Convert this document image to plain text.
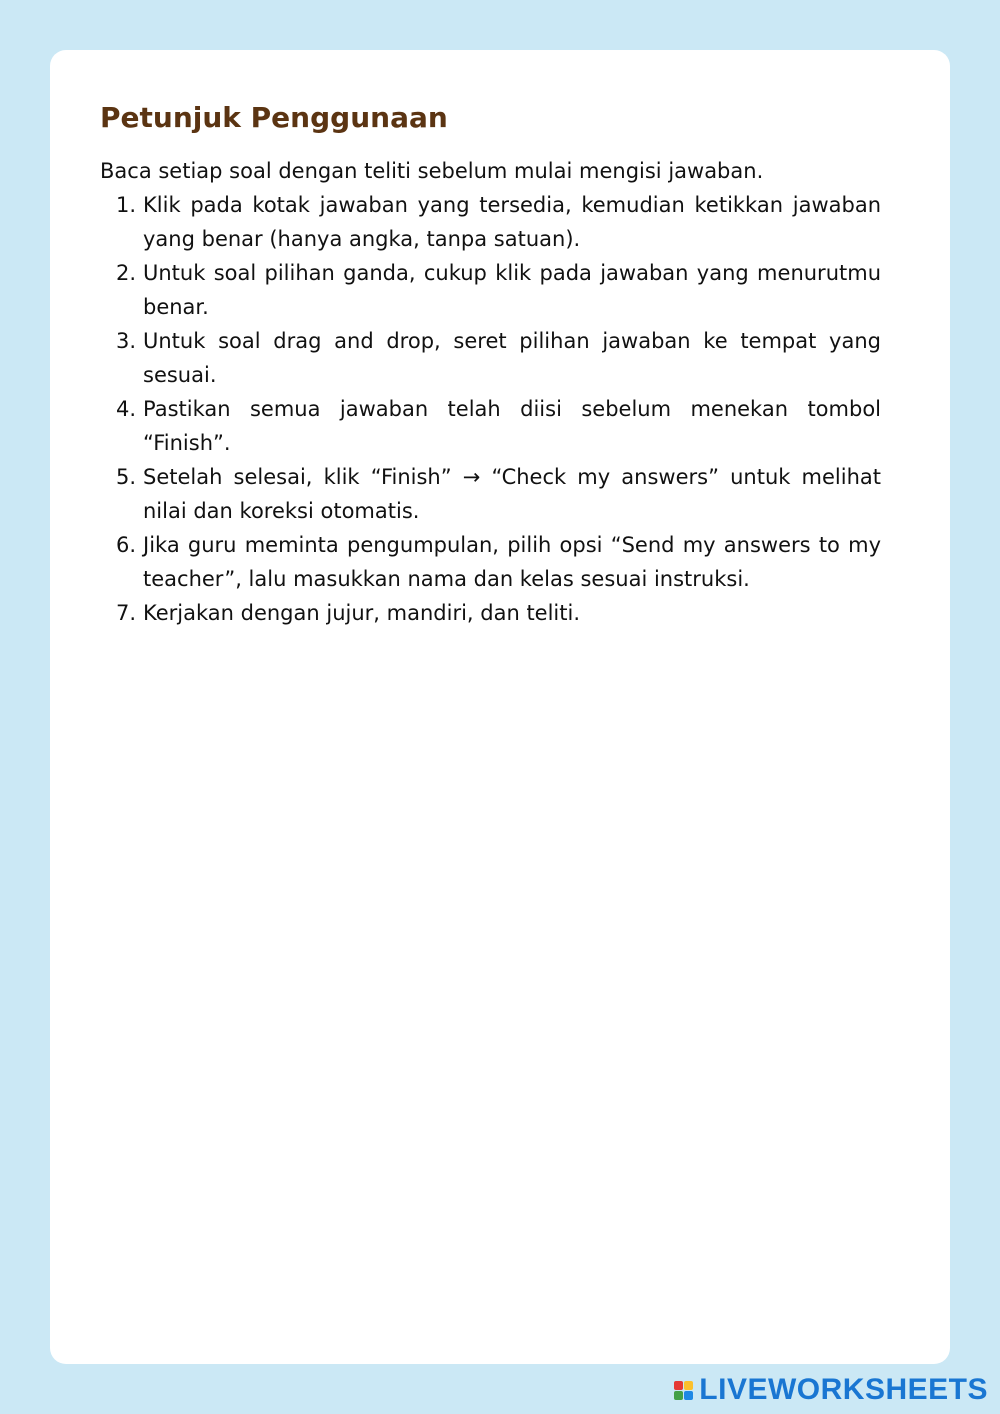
Petunjuk Penggunaan

Baca setiap soal dengan teliti sebelum mulai mengisi jawaban.

1. Klik pada kotak jawaban yang tersedia, kemudian ketikkan jawaban yang benar (hanya angka, tanpa satuan).
2. Untuk soal pilihan ganda, cukup klik pada jawaban yang menurutmu benar.
3. Untuk soal drag and drop, seret pilihan jawaban ke tempat yang sesuai.
4. Pastikan semua jawaban telah diisi sebelum menekan tombol “Finish”.
5. Setelah selesai, klik “Finish” → “Check my answers” untuk melihat nilai dan koreksi otomatis.
6. Jika guru meminta pengumpulan, pilih opsi “Send my answers to my teacher”, lalu masukkan nama dan kelas sesuai instruksi.
7. Kerjakan dengan jujur, mandiri, dan teliti.
LIVEWORKSHEETS
